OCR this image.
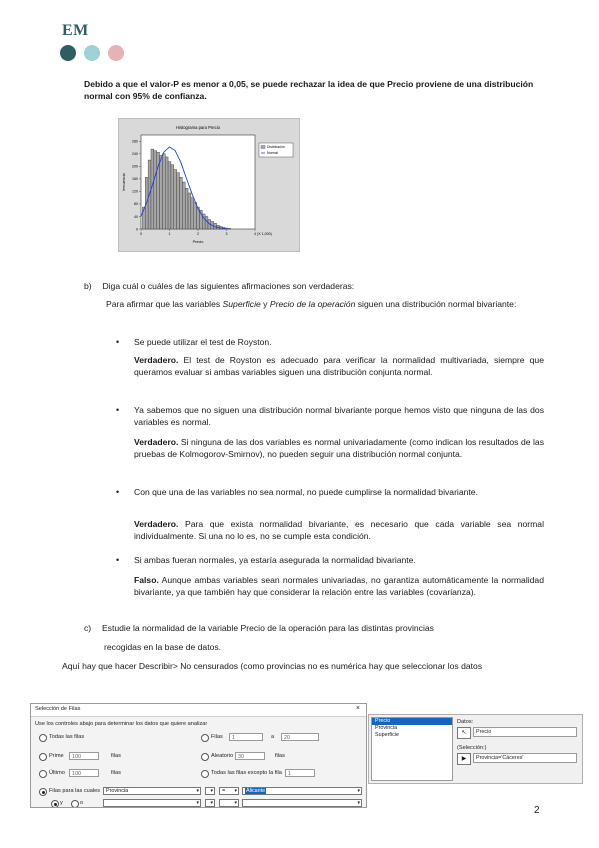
EM
Debido a que el valor-P es menor a 0,05, se puede rechazar la idea de que Precio proviene de una distribución normal con 95% de confianza.
Histograma para Precio
0
40
80
120
160
200
240
280
0	1	2	3	4
Precio
(X 1,000)
frecuencia
Distribución
Normal
b) Diga cuál o cuáles de las siguientes afirmaciones son verdaderas:
Para afirmar que las variables Superficie y Precio de la operación siguen una distribución normal bivariante:
• Se puede utilizar el test de Royston.
Verdadero. El test de Royston es adecuado para verificar la normalidad multivariada, siempre que queramos evaluar si ambas variables siguen una distribución conjunta normal.
• Ya sabemos que no siguen una distribución normal bivariante porque hemos visto que ninguna de las dos variables es normal.
Verdadero. Si ninguna de las dos variables es normal univariadamente (como indican los resultados de las pruebas de Kolmogorov-Smirnov), no pueden seguir una distribución normal conjunta.
• Con que una de las variables no sea normal, no puede cumplirse la normalidad bivariante.
Verdadero. Para que exista normalidad bivariante, es necesario que cada variable sea normal individualmente. Si una no lo es, no se cumple esta condición.
• Si ambas fueran normales, ya estaría asegurada la normalidad bivariante.
Falso. Aunque ambas variables sean normales univariadas, no garantiza automáticamente la normalidad bivariante, ya que también hay que considerar la relación entre las variables (covarianza).
c) Estudie la normalidad de la variable Precio de la operación para las distintas provincias
recogidas en la base de datos.
Aquí hay que hacer Describir> No censurados (como provincias no es numérica hay que seleccionar los datos
Selección de Filas	×
Use los controles abajo para determinar los datos que quiere analizar
Todas las filas
Prime	100	filas
Último	100	filas
Filas para las cuales	Provincia	▾ ▾	= ▾	Alicante	▾
y	o	▾ ▾	▾	▾
Filas	1	a	20
Aleatorio 30	filas
Todas las filas excepto la fila	1
Precio
Provincia
Superficie
Datos:
↖	Precio
(Selección:)
▶	Provincia='Cáceres'
2
